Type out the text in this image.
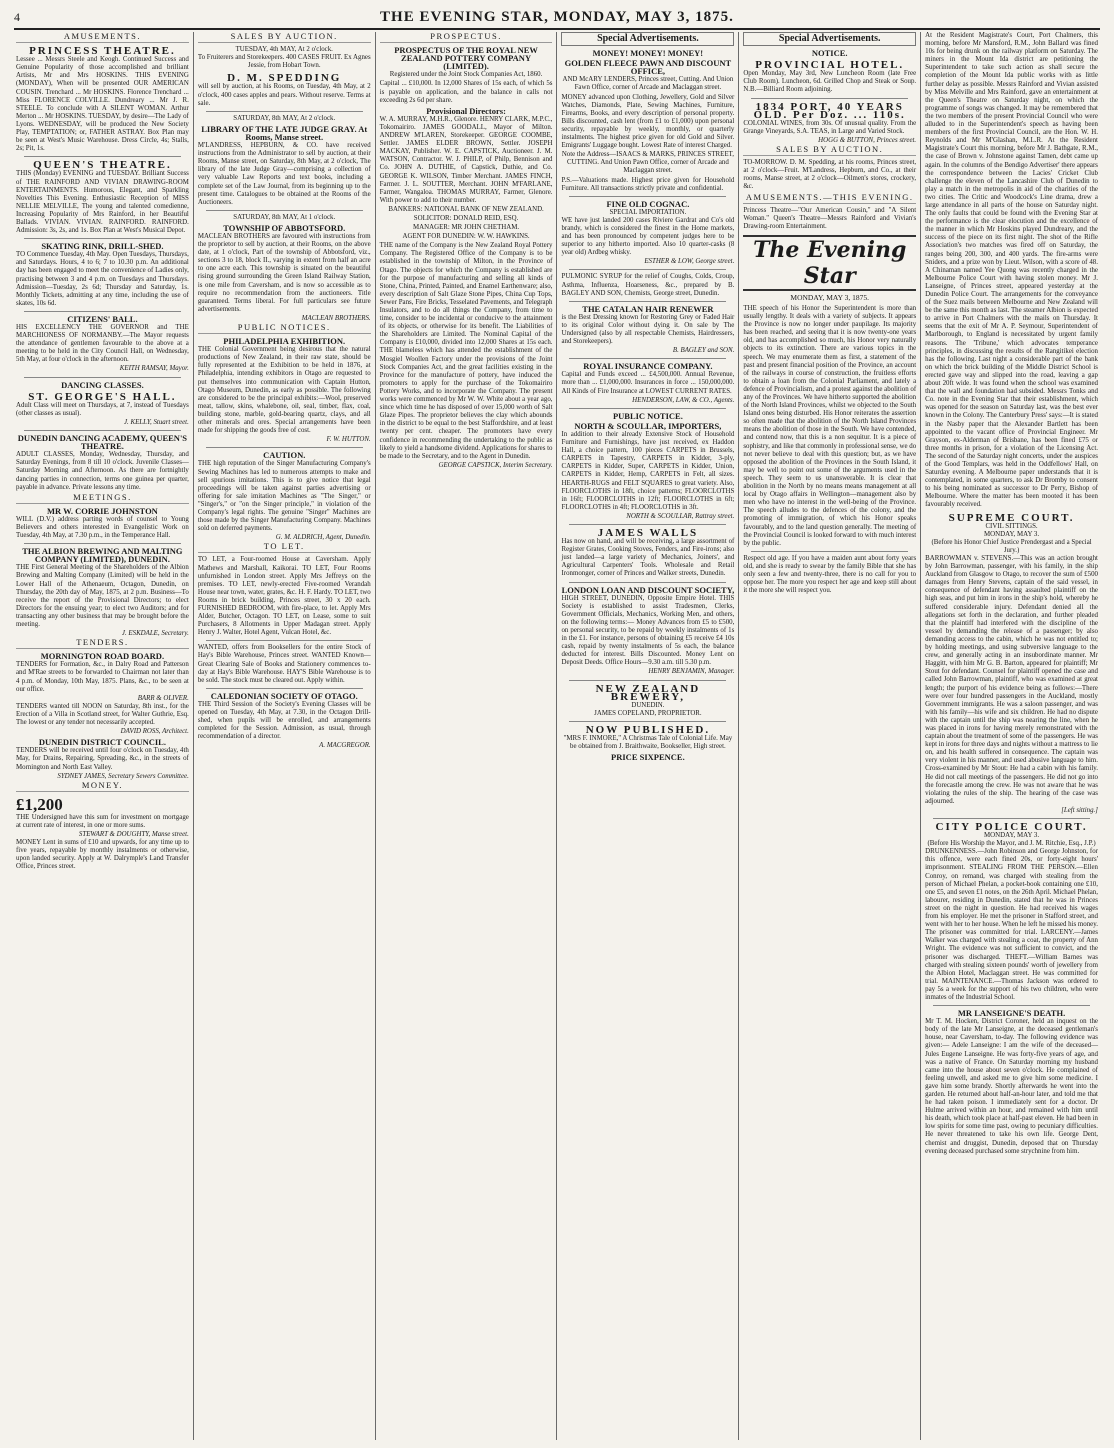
4	THE EVENING STAR, MONDAY, MAY 3, 1875.
AMUSEMENTS.
PRINCESS THEATRE.

Lessee ... Messrs Steele and Keogh. Continued Success and Genuine Popularity of those accomplished and brilliant Artists, Mr and Mrs HOSKINS. THIS EVENING (MONDAY), When will be presented OUR AMERICAN COUSIN. Trenchard ... Mr HOSKINS. Florence Trenchard ... Miss FLORENCE COLVILLE. Dundreary ... Mr J. R. STEELE. To conclude with A SILENT WOMAN. Arthur Merton ... Mr HOSKINS. TUESDAY, by desire—The Lady of Lyons. WEDNESDAY, will be produced the New Society Play, TEMPTATION; or, FATHER ASTRAY. Box Plan may be seen at West's Music Warehouse. Dress Circle, 4s; Stalls, 2s; Pit, 1s.

QUEEN'S THEATRE.

THIS (Monday) EVENING and TUESDAY. Brilliant Success of THE RAINFORD AND VIVIAN DRAWING-ROOM ENTERTAINMENTS. Humorous, Elegant, and Sparkling Novelties This Evening. Enthusiastic Reception of MISS NELLIE MELVILLE, The young and talented comedienne, Increasing Popularity of Mrs Rainford, in her Beautiful Ballads. VIVIAN. VIVIAN. RAINFORD. RAINFORD. Admission: 3s, 2s, and 1s. Box Plan at West's Musical Depot.

SKATING RINK, DRILL-SHED.

TO Commence Tuesday, 4th May. Open Tuesdays, Thursdays, and Saturdays. Hours, 4 to 6; 7 to 10.30 p.m. An additional day has been engaged to meet the convenience of Ladies only, practising between 3 and 4 p.m. on Tuesdays and Thursdays. Admission—Tuesday, 2s 6d; Thursday and Saturday, 1s. Monthly Tickets, admitting at any time, including the use of skates, 10s 6d.

CITIZENS' BALL.

HIS EXCELLENCY THE GOVERNOR and THE MARCHIONESS OF NORMANBY.—The Mayor requests the attendance of gentlemen favourable to the above at a meeting to be held in the City Council Hall, on Wednesday, 5th May, at four o'clock in the afternoon.

KEITH RAMSAY, Mayor.
DANCING CLASSES.
ST. GEORGE'S HALL.

Adult Class will meet on Thursdays, at 7, instead of Tuesdays (other classes as usual).

J. KELLY, Stuart street.
DUNEDIN DANCING ACADEMY, QUEEN'S THEATRE.

ADULT CLASSES, Monday, Wednesday, Thursday, and Saturday Evenings, from 8 till 10 o'clock. Juvenile Classes—Saturday Morning and Afternoon. As there are fortnightly dancing parties in connection, terms one guinea per quarter, payable in advance. Private lessons any time.

MEETINGS.
MR W. CORRIE JOHNSTON

WILL (D.V.) address parting words of counsel to Young Believers and others interested in Evangelistic Work on Tuesday, 4th May, at 7.30 p.m., in the Temperance Hall.

THE ALBION BREWING AND MALTING COMPANY (LIMITED), DUNEDIN.

THE First General Meeting of the Shareholders of the Albion Brewing and Malting Company (Limited) will be held in the Lower Hall of the Athenaeum, Octagon, Dunedin, on Thursday, the 20th day of May, 1875, at 2 p.m. Business—To receive the report of the Provisional Directors; to elect Directors for the ensuing year; to elect two Auditors; and for transacting any other business that may be brought before the meeting.

J. ESKDALE, Secretary.
TENDERS.
MORNINGTON ROAD BOARD.

TENDERS for Formation, &c., in Dalry Road and Patterson and M'Rae streets to be forwarded to Chairman not later than 4 p.m. of Monday, 10th May, 1875. Plans, &c., to be seen at our office.

BARR & OLIVER.

TENDERS wanted till NOON on Saturday, 8th inst., for the Erection of a Villa in Scotland street, for Walter Guthrie, Esq. The lowest or any tender not necessarily accepted.

DAVID ROSS, Architect.
DUNEDIN DISTRICT COUNCIL.

TENDERS will be received until four o'clock on Tuesday, 4th May, for Drains, Repairing, Spreading, &c., in the streets of Mornington and North East Valley.

SYDNEY JAMES, Secretary Sewers Committee.
MONEY.
£1,200

THE Undersigned have this sum for investment on mortgage at current rate of interest, in one or more sums.

STEWART & DOUGHTY, Manse street.

MONEY Lent in sums of £10 and upwards, for any time up to five years, repayable by monthly instalments or otherwise, upon landed security. Apply at W. Dalrymple's Land Transfer Office, Princes street.

SALES BY AUCTION.
TUESDAY, 4th MAY, At 2 o'clock.

To Fruiterers and Storekeepers. 400 CASES FRUIT. Ex Agnes Jessie, from Hobart Town.

D. M. SPEDDING

will sell by auction, at his Rooms, on Tuesday, 4th May, at 2 o'clock, 400 cases apples and pears. Without reserve. Terms at sale.

SATURDAY, 8th MAY, At 2 o'clock.
LIBRARY OF THE LATE JUDGE GRAY. At Rooms, Manse street.

M'LANDRESS, HEPBURN, & CO. have received instructions from the Administrator to sell by auction, at their Rooms, Manse street, on Saturday, 8th May, at 2 o'clock, The library of the late Judge Gray—comprising a collection of very valuable Law Reports and text books, including a complete set of the Law Journal, from its beginning up to the present time. Catalogues to be obtained at the Rooms of the Auctioneers.

SATURDAY, 8th MAY, At 1 o'clock.
TOWNSHIP OF ABBOTSFORD.

MACLEAN BROTHERS are favoured with instructions from the proprietor to sell by auction, at their Rooms, on the above date, at 1 o'clock, Part of the township of Abbotsford, viz., sections 3 to 18, block II., varying in extent from half an acre to one acre each. This township is situated on the beautiful rising ground surrounding the Green Island Railway Station, is one mile from Caversham, and is now so accessible as to require no recommendation from the auctioneers. Title guaranteed. Terms liberal. For full particulars see future advertisements.

MACLEAN BROTHERS.
PUBLIC NOTICES.
PHILADELPHIA EXHIBITION.

THE Colonial Government being desirous that the natural productions of New Zealand, in their raw state, should be fully represented at the Exhibition to be held in 1876, at Philadelphia, intending exhibitors in Otago are requested to put themselves into communication with Captain Hutton, Otago Museum, Dunedin, as early as possible. The following are considered to be the principal exhibits:—Wool, preserved meat, tallow, skins, whalebone, oil, seal, timber, flax, coal, building stone, marble, gold-bearing quartz, clays, and all other minerals and ores. Special arrangements have been made for shipping the goods free of cost.

F. W. HUTTON.
CAUTION.

THE high reputation of the Singer Manufacturing Company's Sewing Machines has led to numerous attempts to make and sell spurious imitations. This is to give notice that legal proceedings will be taken against parties advertising or offering for sale imitation Machines as "The Singer," or "Singer's," or "on the Singer principle," in violation of the Company's legal rights. The genuine "Singer" Machines are those made by the Singer Manufacturing Company. Machines sold on deferred payments.

G. M. ALDRICH, Agent, Dunedin.
TO LET.

TO LET, a Four-roomed House at Caversham. Apply Mathews and Marshall, Kaikorai. TO LET, Four Rooms unfurnished in London street. Apply Mrs Jeffreys on the premises. TO LET, newly-erected Five-roomed Verandah House near town, water, grates, &c. H. F. Hardy. TO LET, two Rooms in brick building, Princes street, 30 x 20 each. FURNISHED BEDROOM, with fire-place, to let. Apply Mrs Alder, Butcher, Octagon. TO LET, on Lease, some to suit Purchasers, 8 Allotments in Upper Madagan street. Apply Henry J. Walter, Hotel Agent, Vulcan Hotel, &c.

WANTED, offers from Booksellers for the entire Stock of Hay's Bible Warehouse, Princes street. WANTED Known—Great Clearing Sale of Books and Stationery commences to-day at Hay's Bible Warehouse. HAY'S Bible Warehouse is to be sold. The stock must be cleared out. Apply within.

CALEDONIAN SOCIETY OF OTAGO.

THE Third Session of the Society's Evening Classes will be opened on Tuesday, 4th May, at 7.30, in the Octagon Drill-shed, when pupils will be enrolled, and arrangements completed for the Session. Admission, as usual, through recommendation of a director.

A. MACGREGOR.
PROSPECTUS.
PROSPECTUS OF THE ROYAL NEW ZEALAND POTTERY COMPANY (LIMITED).

Registered under the Joint Stock Companies Act, 1860.

Capital ... £10,000. In 12,000 Shares of 15s each, of which 5s is payable on application, and the balance in calls not exceeding 2s 6d per share.

Provisional Directors:

W. A. MURRAY, M.H.R., Glenore. HENRY CLARK, M.P.C., Tokomairiro. JAMES GOODALL, Mayor of Milton. ANDREW M'LAREN, Storekeeper. GEORGE COOMBE, Settler. JAMES ELDER BROWN, Settler. JOSEPH MACKAY, Publisher. W. E. CAPSTICK, Auctioneer. J. M. WATSON, Contractor. W. J. PHILP, of Philp, Bennison and Co. JOHN A. DUTHIE, of Capstick, Duthie, and Co. GEORGE K. WILSON, Timber Merchant. JAMES FINCH, Farmer. J. L. SOUTTER, Merchant. JOHN M'FARLANE, Farmer, Wangaloa. THOMAS MURRAY, Farmer, Glenore. With power to add to their number.

BANKERS: NATIONAL BANK OF NEW ZEALAND.

SOLICITOR: DONALD REID, ESQ.

MANAGER: MR JOHN CHETHAM.

AGENT FOR DUNEDIN: W. W. HAWKINS.

THE name of the Company is the New Zealand Royal Pottery Company. The Registered Office of the Company is to be established in the township of Milton, in the Province of Otago. The objects for which the Company is established are for the purpose of manufacturing and selling all kinds of Stone, China, Printed, Painted, and Enamel Earthenware; also, every description of Salt Glaze Stone Pipes, China Cup Tops, Sewer Pans, Fire Bricks, Tesselated Pavements, and Telegraph Insulators, and to do all things the Company, from time to time, consider to be incidental or conducive to the attainment of its objects, or otherwise for its benefit. The Liabilities of the Shareholders are Limited. The Nominal Capital of the Company is £10,000, divided into 12,000 Shares at 15s each. THE blameless which has attended the establishment of the Mosgiel Woollen Factory under the provisions of the Joint Stock Companies Act, and the great facilities existing in the Province for the manufacture of pottery, have induced the promoters to apply for the purchase of the Tokomairiro Pottery Works, and to incorporate the Company. The present works were commenced by Mr W. W. White about a year ago, since which time he has disposed of over 15,000 worth of Salt Glaze Pipes. The proprietor believes the clay which abounds in the district to be equal to the best Staffordshire, and at least twenty per cent. cheaper. The promoters have every confidence in recommending the undertaking to the public as likely to yield a handsome dividend. Applications for shares to be made to the Secretary, and to the Agent in Dunedin.

GEORGE CAPSTICK, Interim Secretary.
Special Advertisements.
MONEY! MONEY! MONEY!
GOLDEN FLEECE PAWN AND DISCOUNT OFFICE,

AND McARY LENDERS, Princes street, Cutting. And Union Fawn Office, corner of Arcade and Maclaggan street.

MONEY advanced upon Clothing, Jewellery, Gold and Silver Watches, Diamonds, Plate, Sewing Machines, Furniture, Firearms, Books, and every description of personal property. Bills discounted, cash lent (from £1 to £1,000) upon personal security, repayable by weekly, monthly, or quarterly instalments. The highest price given for old Gold and Silver. Emigrants' Luggage bought. Lowest Rate of interest Charged.

Note the Address—ISAACS & MARKS, PRINCES STREET, CUTTING. And Union Pawn Office, corner of Arcade and Maclaggan street.

P.S.—Valuations made. Highest price given for Household Furniture. All transactions strictly private and confidential.

FINE OLD COGNAC.
SPECIAL IMPORTATION.

WE have just landed 200 cases Riviere Gardrat and Co's old brandy, which is considered the finest in the Home markets, and has been pronounced by competent judges here to be superior to any hitherto imported. Also 10 quarter-casks (8 year old) Ardbeg whisky.

ESTHER & LOW, George street.

PULMONIC SYRUP for the relief of Coughs, Colds, Croup, Asthma, Influenza, Hoarseness, &c., prepared by B. BAGLEY AND SON, Chemists, George street, Dunedin.

THE CATALAN HAIR RENEWER

is the Best Dressing known for Restoring Grey or Faded Hair to its original Color without dying it. On sale by The Undersigned (also by all respectable Chemists, Hairdressers, and Storekeepers).

B. BAGLEY and SON.
ROYAL INSURANCE COMPANY.

Capital and Funds exceed ... £4,500,000. Annual Revenue, more than ... £1,000,000. Insurances in force ... 150,000,000. All Kinds of Fire Insurance at LOWEST CURRENT RATES.

HENDERSON, LAW, & CO., Agents.
PUBLIC NOTICE.
NORTH & SCOULLAR, IMPORTERS,

In addition to their already Extensive Stock of Household Furniture and Furnishings, have just received, ex Haddon Hall, a choice pattern, 100 pieces CARPETS in Brussels, CARPETS in Tapestry, CARPETS in Kidder, 3-ply, CARPETS in Kidder, Super, CARPETS in Kidder, Union, CARPETS in Kidder, Hemp, CARPETS in Felt, all sizes. HEARTH-RUGS and FELT SQUARES to great variety. Also, FLOORCLOTHS in 18ft, choice patterns; FLOORCLOTHS in 16ft; FLOORCLOTHS in 12ft; FLOORCLOTHS in 6ft; FLOORCLOTHS in 4ft; FLOORCLOTHS in 3ft.

NORTH & SCOULLAR, Rattray street.
JAMES WALLS

Has now on hand, and will be receiving, a large assortment of Register Grates, Cooking Stoves, Fenders, and Fire-irons; also just landed—a large variety of Mechanics, Joiners', and Agricultural Carpenters' Tools. Wholesale and Retail Ironmonger, corner of Princes and Walker streets, Dunedin.

LONDON LOAN AND DISCOUNT SOCIETY,

HIGH STREET, DUNEDIN, Opposite Empire Hotel. THIS Society is established to assist Tradesmen, Clerks, Government Officials, Mechanics, Working Men, and others, on the following terms:— Money Advances from £5 to £500, on personal security, to be repaid by weekly instalments of 1s in the £1. For instance, persons of obtaining £5 receive £4 10s cash, repaid by twenty instalments of 5s each, the balance deducted for interest. Bills Discounted. Money Lent on Deposit Deeds. Office Hours—9.30 a.m. till 5.30 p.m.

HENRY BENJAMIN, Manager.
NEW ZEALAND BREWERY,
DUNEDIN.
JAMES COPELAND, PROPRIETOR.
NOW PUBLISHED.

"MRS F. INMORE," A Christmas Tale of Colonial Life. May be obtained from J. Braithwaite, Bookseller, High street.

PRICE SIXPENCE.
Special Advertisements.
NOTICE.
PROVINCIAL HOTEL.

Open Monday, May 3rd, New Luncheon Room (late Free Club Room). Luncheon, 6d. Grilled Chop and Steak or Soup. N.B.—Billiard Room adjoining.

1834 PORT, 40 YEARS OLD. Per Doz. ... 110s.

COLONIAL WINES, from 30s. Of unusual quality. From the Grange Vineyards, S.A. TEAS, in Large and Varied Stock.

HOGG & BUTTON, Princes street.
SALES BY AUCTION.

TO-MORROW. D. M. Spedding, at his rooms, Princes street, at 2 o'clock—Fruit. M'Landress, Hepburn, and Co., at their rooms, Manse street, at 2 o'clock—Oilmen's stores, crockery, &c.

AMUSEMENTS.—THIS EVENING.

Princess Theatre—"Our American Cousin," and "A Silent Woman." Queen's Theatre—Messrs Rainford and Vivian's Drawing-room Entertainment.

The Evening Star
MONDAY, MAY 3, 1875.

THE speech of his Honor the Superintendent is more than usually lengthy. It deals with a variety of subjects. It appears the Province is now no longer under paupilage. Its majority has been reached, and seeing that it is now twenty-one years old, and has accomplished so much, his Honor very naturally objects to its extinction. There are various topics in the speech. We may enumerate them as first, a statement of the past and present financial position of the Province, an account of the railways in course of construction, the fruitless efforts to obtain a loan from the Colonial Parliament, and lately a defence of Provincialism, and a protest against the abolition of any of the Provinces. We have hitherto supported the abolition of the North Island Provinces, whilst we objected to the South Island ones being disturbed. His Honor reiterates the assertion so often made that the abolition of the North Island Provinces means the abolition of those in the South. We have contended, and contend now, that this is a non sequitur. It is a piece of sophistry, and like that commonly in professional sense, we do not never believe to deal with this question; but, as we have opposed the abolition of the Provinces in the South Island, it may be well to point out some of the arguments used in the speech. They seem to us unanswerable. It is clear that abolition in the North by no means means management at all local by Otago affairs in Wellington—management also by men who have no interest in the well-being of the Province. The speech alludes to the defences of the colony, and the promoting of immigration, of which his Honor speaks favourably, and to the land question generally. The meeting of the Provincial Council is looked forward to with much interest by the public.

Respect old age. If you have a maiden aunt about forty years old, and she is ready to swear by the family Bible that she has only seen a few and twenty-three, there is no call for you to oppose her. The more you respect her age and keep still about it the more she will respect you.

At the Resident Magistrate's Court, Port Chalmers, this morning, before Mr Mansford, R.M., John Ballard was fined 10s for being drunk on the railway platform on Saturday. The miners in the Mount Ida district are petitioning the Superintendent to take such action as shall secure the completion of the Mount Ida public works with as little further delay as possible. Messrs Rainford and Vivian assisted by Miss Melville and Mrs Rainford, gave an entertainment at the Queen's Theatre on Saturday night, on which the programme of songs was changed. It may be remembered that the two members of the present Provincial Council who were alluded to in the Superintendent's speech as having been members of the first Provincial Council, are the Hon. W. H. Reynolds and Mr M'Glashan, M.L.R. At the Resident Magistrate's Court this morning, before Mr J. Bathgate, R.M., the case of Brown v. Johnstone against Tamen, debt came up again. In the columns of the Bendigo Advertiser' there appears the correspondence between the Lacies' Cricket Club challenge the eleven of the Lancashire Club of Dunedin to play a match in the metropolis in aid of the charities of the two cities. The Critic and Woodcock's Line drama, drew a large attendance in all parts of the house on Saturday night. The only faults that could be found with the Evening Star at the performance is the clear elocution and the excellence of the manner in which Mr Hoskins played Dundreary, and the success of the piece on its first night. The shot of the Rifle Association's two matches was fired off on Saturday, the ranges being 200, 300, and 400 yards. The fire-arms were Sniders, and a prize won by Lieut. Wilson, with a score of 48. A Chinaman named Yee Quong was recently charged in the Melbourne Police Court with having stolen money. Mr J. Lanseigne, of Princes street, appeared yesterday at the Dunedin Police Court. The arrangements for the conveyance of the Suez mails between Melbourne and New Zealand will be the same this month as last. The steamer Albion is expected to arrive in Port Chalmers with the mails on Thursday. It seems that the exit of Mr A. P. Seymour, Superintendent of Marlborough, to England is necessitated by urgent family reasons. The 'Tribune,' which advocates temperance principles, in discussing the results of the Rangitikei election has the following. Last night a considerable part of the bank on which the brick building of the Middle District School is erected gave way and slipped into the road, leaving a gap about 20ft wide. It was found when the school was examined that the wall and foundation had subsided. Messrs Tonks and Co. note in the Evening Star that their establishment, which was opened for the season on Saturday last, was the best ever known in the Colony. The Canterbury Press' says:—It is stated in the Nasby paper that the Alexander Bartlett has been appointed to the vacant office of Provincial Engineer. Mr Grayson, ex-Alderman of Brisbane, has been fined £75 or three months in prison, for a violation of the Licensing Act. The second of the Saturday night concerts, under the auspices of the Good Templars, was held in the Oddfellows' Hall, on Saturday evening. A Melbourne paper understands that it is contemplated, in some quarters, to ask Dr Bromby to consent to his being nominated as successor to Dr Perry, Bishop of Melbourne. Where the matter has been mooted it has been favourably received.

SUPREME COURT.
CIVIL SITTINGS.
MONDAY, MAY 3.
(Before his Honor Chief Justice Prendergast and a Special Jury.)

BARROWMAN v. STEVENS.—This was an action brought by John Barrowman, passenger, with his family, in the ship Auckland from Glasgow to Otago, to recover the sum of £500 damages from Henry Stevens, captain of the said vessel, in consequence of defendant having assaulted plaintiff on the high seas, and put him in irons in the ship's hold, whereby he suffered considerable injury. Defendant denied all the allegations set forth in the declaration, and further pleaded that the plaintiff had interfered with the discipline of the vessel by demanding the release of a passenger; by also demanding access to the cabin, which he was not entitled to; by holding meetings, and using subversive language to the crew, and generally acting in an insubordinate manner. Mr Haggitt, with him Mr G. B. Barton, appeared for plaintiff; Mr Stout for defendant. Counsel for plaintiff opened the case and called John Barrowman, plaintiff, who was examined at great length; the purport of his evidence being as follows:—There were over four hundred passengers in the Auckland, mostly Government immigrants. He was a saloon passenger, and was with his family—his wife and six children. He had no dispute with the captain until the ship was nearing the line, when he was placed in irons for having merely remonstrated with the captain about the treatment of some of the passengers. He was kept in irons for three days and nights without a mattress to lie on, and his health suffered in consequence. The captain was very violent in his manner, and used abusive language to him. Cross-examined by Mr Stout: He had a cabin with his family. He did not call meetings of the passengers. He did not go into the forecastle among the crew. He was not aware that he was violating the rules of the ship. The hearing of the case was adjourned.

[Left sitting.]
CITY POLICE COURT.
MONDAY, MAY 3.
(Before His Worship the Mayor, and J. M. Ritchie, Esq., J.P.)

DRUNKENNESS.—John Robinson and George Johnston, for this offence, were each fined 20s, or forty-eight hours' imprisonment. STEALING FROM THE PERSON.—Ellen Conroy, on remand, was charged with stealing from the person of Michael Phelan, a pocket-book containing one £10, one £5, and seven £1 notes, on the 26th April. Michael Phelan, labourer, residing in Dunedin, stated that he was in Princes street on the night in question. He had received his wages from his employer. He met the prisoner in Stafford street, and went with her to her house. When he left he missed his money. The prisoner was committed for trial. LARCENY.—James Walker was charged with stealing a coat, the property of Ann Wright. The evidence was not sufficient to convict, and the prisoner was discharged. THEFT.—William Barnes was charged with stealing sixteen pounds' worth of jewellery from the Albion Hotel, Maclaggan street. He was committed for trial. MAINTENANCE.—Thomas Jackson was ordered to pay 5s a week for the support of his two children, who were inmates of the Industrial School.

MR LANSEIGNE'S DEATH.

Mr T. M. Hocken, District Coroner, held an inquest on the body of the late Mr Lanseigne, at the deceased gentleman's house, near Caversham, to-day. The following evidence was given:— Adele Lanseigne: I am the wife of the deceased—Jules Eugene Lanseigne. He was forty-five years of age, and was a native of France. On Saturday morning my husband came into the house about seven o'clock. He complained of feeling unwell, and asked me to give him some medicine. I gave him some brandy. Shortly afterwards he went into the garden. He returned about half-an-hour later, and told me that he had taken poison. I immediately sent for a doctor. Dr Hulme arrived within an hour, and remained with him until his death, which took place at half-past eleven. He had been in low spirits for some time past, owing to pecuniary difficulties. He never threatened to take his own life. George Dent, chemist and druggist, Dunedin, deposed that on Thursday evening deceased purchased some strychnine from him.
